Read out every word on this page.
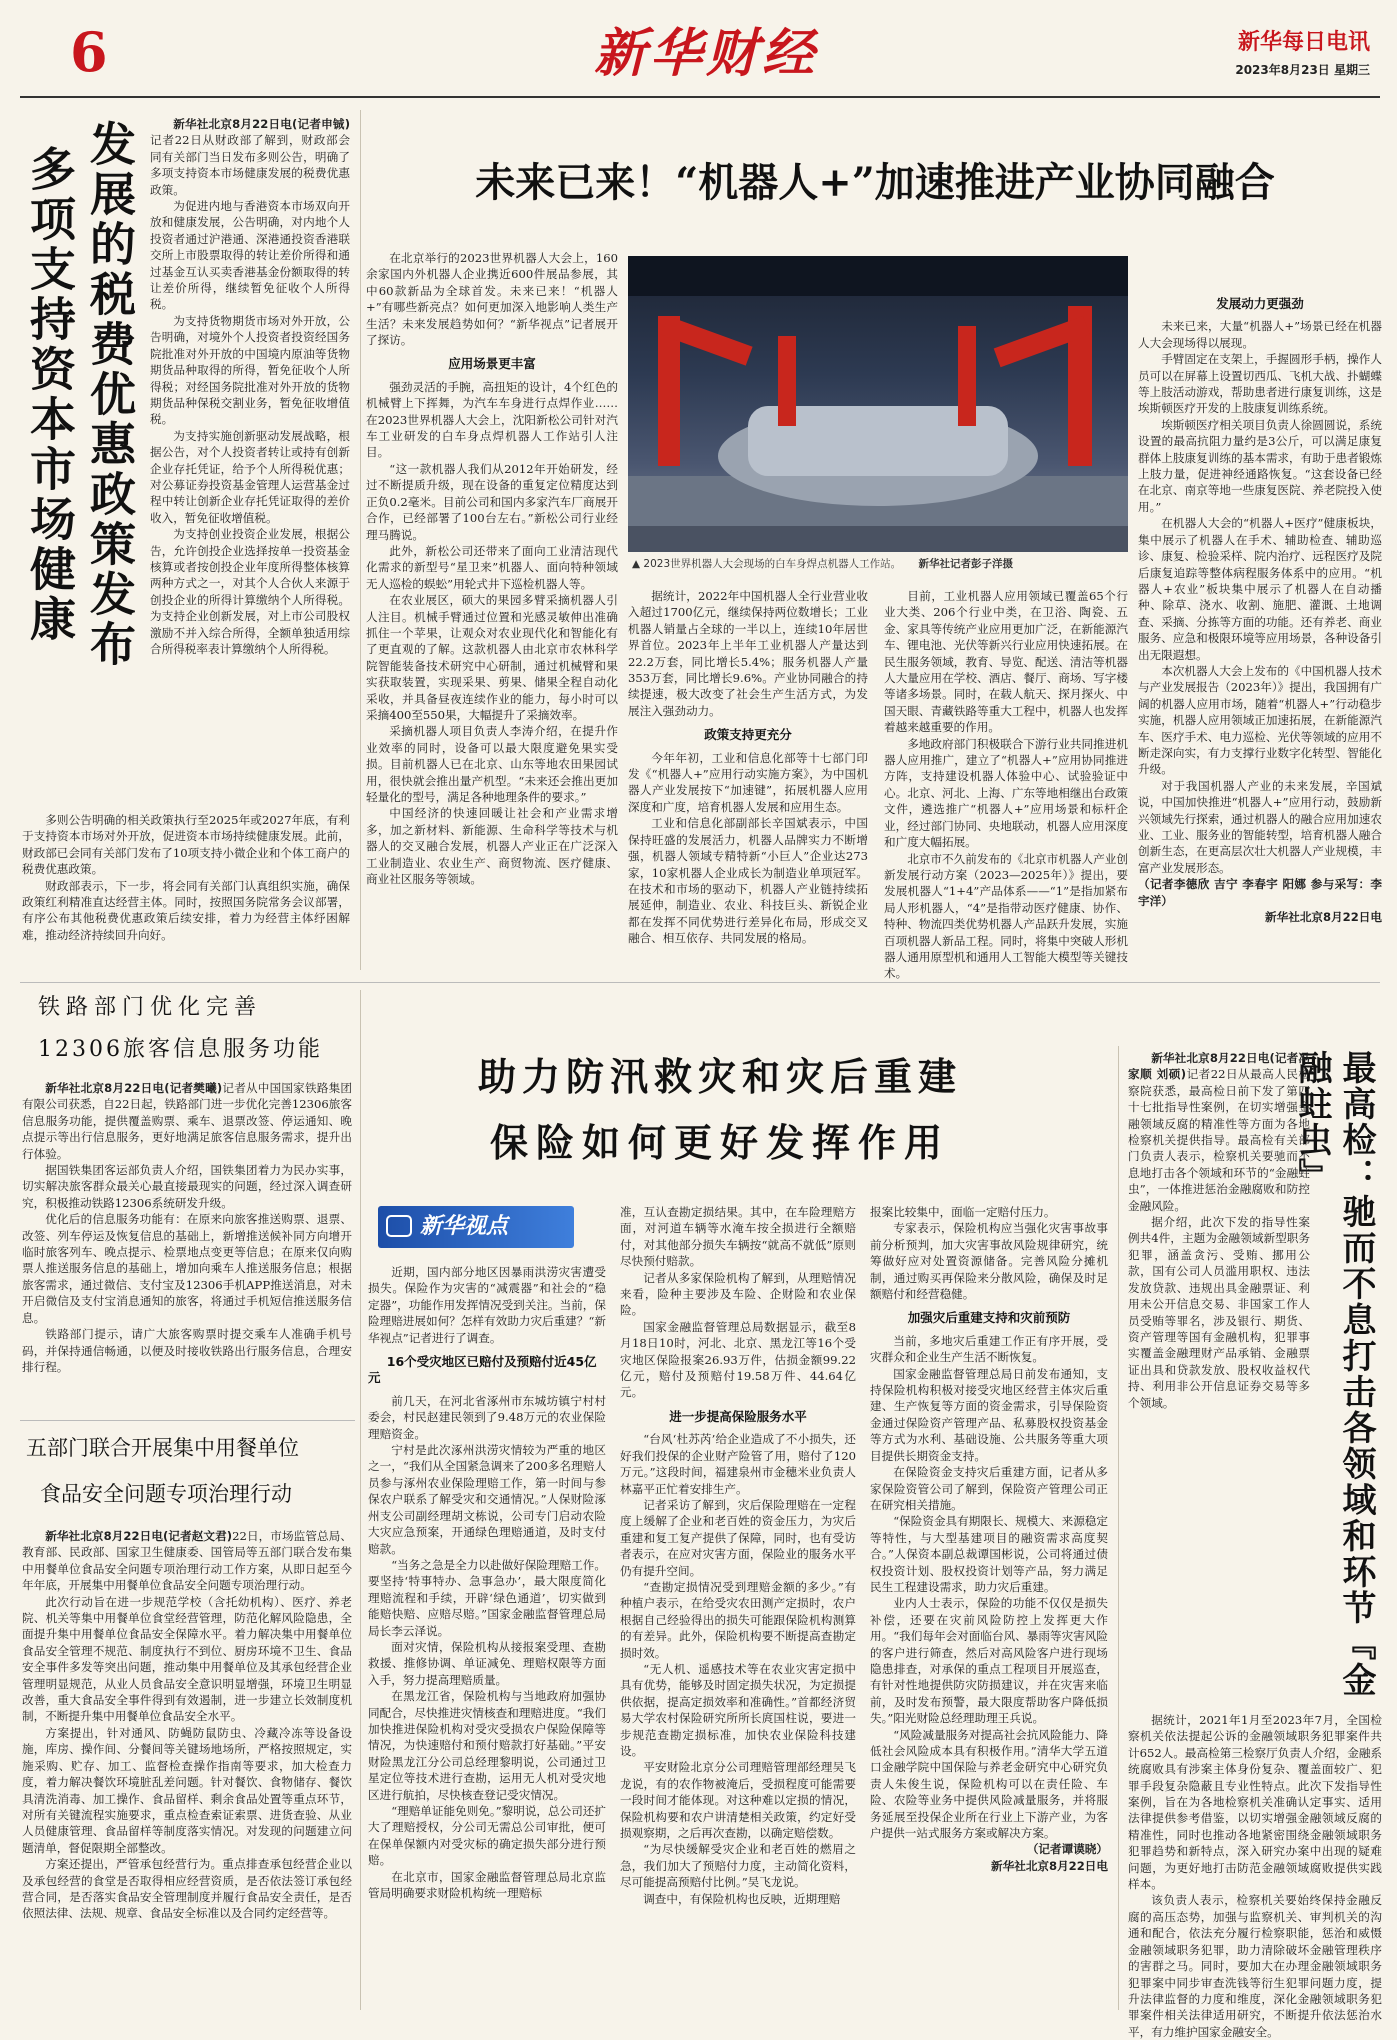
6	新华财经	新华每日电讯
2023年8月23日 星期三
多项支持资本市场健康 发展的税费优惠政策发布	新华社北京8月22日电(记者申铖)记者22日从财政部了解到，财政部会同有关部门当日发布多则公告，明确了多项支持资本市场健康发展的税费优惠政策。

为促进内地与香港资本市场双向开放和健康发展，公告明确，对内地个人投资者通过沪港通、深港通投资香港联交所上市股票取得的转让差价所得和通过基金互认买卖香港基金份额取得的转让差价所得，继续暂免征收个人所得税。

为支持货物期货市场对外开放，公告明确，对境外个人投资者投资经国务院批准对外开放的中国境内原油等货物期货品种取得的所得，暂免征收个人所得税；对经国务院批准对外开放的货物期货品种保税交割业务，暂免征收增值税。

为支持实施创新驱动发展战略，根据公告，对个人投资者转让或持有创新企业存托凭证，给予个人所得税优惠；对公募证券投资基金管理人运营基金过程中转让创新企业存托凭证取得的差价收入，暂免征收增值税。

为支持创业投资企业发展，根据公告，允许创投企业选择按单一投资基金核算或者按创投企业年度所得整体核算两种方式之一，对其个人合伙人来源于创投企业的所得计算缴纳个人所得税。为支持企业创新发展，对上市公司股权激励不并入综合所得，全额单独适用综合所得税率表计算缴纳个人所得税。

多则公告明确的相关政策执行至2025年或2027年底，有利于支持资本市场对外开放，促进资本市场持续健康发展。此前，财政部已会同有关部门发布了10项支持小微企业和个体工商户的税费优惠政策。

财政部表示，下一步，将会同有关部门认真组织实施，确保政策红利精准直达经营主体。同时，按照国务院常务会议部署，有序公布其他税费优惠政策后续安排，着力为经营主体纾困解难，推动经济持续回升向好。

未来已来！“机器人+”加速推进产业协同融合

在北京举行的2023世界机器人大会上，160余家国内外机器人企业携近600件展品参展，其中60款新品为全球首发。未来已来！“机器人+”有哪些新亮点？如何更加深入地影响人类生产生活？未来发展趋势如何？“新华视点”记者展开了探访。

应用场景更丰富

强劲灵活的手腕，高扭矩的设计，4个红色的机械臂上下挥舞，为汽车车身进行点焊作业……在2023世界机器人大会上，沈阳新松公司针对汽车工业研发的白车身点焊机器人工作站引人注目。

“这一款机器人我们从2012年开始研发，经过不断提质升级，现在设备的重复定位精度达到正负0.2毫米。目前公司和国内多家汽车厂商展开合作，已经部署了100台左右。”新松公司行业经理马腾说。

此外，新松公司还带来了面向工业清洁现代化需求的新型号“星卫来”机器人、面向特种领域无人巡检的蜈蚣”用轮式井下巡检机器人等。

在农业展区，硕大的果园多臂采摘机器人引人注目。机械手臂通过位置和光感灵敏伸出准确抓住一个苹果，让观众对农业现代化和智能化有了更直观的了解。这款机器人由北京市农林科学院智能装备技术研究中心研制，通过机械臂和果实获取装置，实现采果、剪果、储果全程自动化采收，并具备昼夜连续作业的能力，每小时可以采摘400至550果，大幅提升了采摘效率。

采摘机器人项目负责人李涛介绍，在提升作业效率的同时，设备可以最大限度避免果实受损。目前机器人已在北京、山东等地农田果园试用，很快就会推出量产机型。“未来还会推出更加轻量化的型号，满足各种地理条件的要求。”

中国经济的快速回暖让社会和产业需求增多，加之新材料、新能源、生命科学等技术与机器人的交叉融合发展，机器人产业正在广泛深入工业制造业、农业生产、商贸物流、医疗健康、商业社区服务等领域。

▲ 2023世界机器人大会现场的白车身焊点机器人工作站。 新华社记者彭子洋摄

据统计，2022年中国机器人全行业营业收入超过1700亿元，继续保持两位数增长；工业机器人销量占全球的一半以上，连续10年居世界首位。2023年上半年工业机器人产量达到22.2万套，同比增长5.4%；服务机器人产量353万套，同比增长9.6%。产业协同融合的持续提速，极大改变了社会生产生活方式，为发展注入强劲动力。

政策支持更充分

今年年初，工业和信息化部等十七部门印发《“机器人+”应用行动实施方案》，为中国机器人产业发展按下“加速键”，拓展机器人应用深度和广度，培育机器人发展和应用生态。

工业和信息化部副部长辛国斌表示，中国保持旺盛的发展活力，机器人品牌实力不断增强，机器人领域专精特新“小巨人”企业达273家，10家机器人企业成长为制造业单项冠军。在技术和市场的驱动下，机器人产业链持续拓展延伸，制造业、农业、科技巨头、新锐企业都在发挥不同优势进行差异化布局，形成交叉融合、相互依存、共同发展的格局。

目前，工业机器人应用领域已覆盖65个行业大类、206个行业中类，在卫浴、陶瓷、五金、家具等传统产业应用更加广泛，在新能源汽车、锂电池、光伏等新兴行业应用快速拓展。在民生服务领域，教育、导览、配送、清洁等机器人大量应用在学校、酒店、餐厅、商场、写字楼等诸多场景。同时，在载人航天、探月探火、中国天眼、青藏铁路等重大工程中，机器人也发挥着越来越重要的作用。

多地政府部门积极联合下游行业共同推进机器人应用推广，建立了“机器人+”应用协同推进方阵，支持建设机器人体验中心、试验验证中心。北京、河北、上海、广东等地相继出台政策文件，遴选推广“机器人+”应用场景和标杆企业，经过部门协同、央地联动，机器人应用深度和广度大幅拓展。

北京市不久前发布的《北京市机器人产业创新发展行动方案（2023—2025年）》提出，要发展机器人“1+4”产品体系——“1”是指加紧布局人形机器人，“4”是指带动医疗健康、协作、特种、物流四类优势机器人产品跃升发展，实施百项机器人新品工程。同时，将集中突破人形机器人通用原型机和通用人工智能大模型等关键技术。

发展动力更强劲

未来已来，大量“机器人+”场景已经在机器人大会现场得以展现。

手臂固定在支架上，手握圆形手柄，操作人员可以在屏幕上设置切西瓜、飞机大战、扑蝴蝶等上肢活动游戏，帮助患者进行康复训练，这是埃斯顿医疗开发的上肢康复训练系统。

埃斯顿医疗相关项目负责人徐圆圆说，系统设置的最高抗阻力量约是3公斤，可以满足康复群体上肢康复训练的基本需求，有助于患者锻炼上肢力量，促进神经通路恢复。“这套设备已经在北京、南京等地一些康复医院、养老院投入使用。”

在机器人大会的“机器人+医疗”健康板块，集中展示了机器人在手术、辅助检查、辅助巡诊、康复、检验采样、院内治疗、远程医疗及院后康复追踪等整体病程服务体系中的应用。“机器人+农业”板块集中展示了机器人在自动播种、除草、浇水、收割、施肥、灌溉、土地调查、采摘、分拣等方面的功能。还有养老、商业服务、应急和极限环境等应用场景，各种设备引出无限遐想。

本次机器人大会上发布的《中国机器人技术与产业发展报告（2023年）》提出，我国拥有广阔的机器人应用市场，随着“机器人+”行动稳步实施，机器人应用领域正加速拓展，在新能源汽车、医疗手术、电力巡检、光伏等领域的应用不断走深向实，有力支撑行业数字化转型、智能化升级。

对于我国机器人产业的未来发展，辛国斌说，中国加快推进“机器人+”应用行动，鼓励新兴领域先行探索，通过机器人的融合应用加速农业、工业、服务业的智能转型，培育机器人融合创新生态，在更高层次壮大机器人产业规模，丰富产业发展形态。

（记者李德欣 吉宁 李春宇 阳娜 参与采写：李宇洋）

新华社北京8月22日电

铁路部门优化完善
12306旅客信息服务功能

新华社北京8月22日电(记者樊曦)记者从中国国家铁路集团有限公司获悉，自22日起，铁路部门进一步优化完善12306旅客信息服务功能，提供覆盖购票、乘车、退票改签、停运通知、晚点提示等出行信息服务，更好地满足旅客信息服务需求，提升出行体验。

据国铁集团客运部负责人介绍，国铁集团着力为民办实事，切实解决旅客群众最关心最直接最现实的问题，经过深入调查研究，积极推动铁路12306系统研发升级。

优化后的信息服务功能有：在原来向旅客推送购票、退票、改签、列车停运及恢复信息的基础上，新增推送候补同方向增开临时旅客列车、晚点提示、检票地点变更等信息；在原来仅向购票人推送服务信息的基础上，增加向乘车人推送服务信息；根据旅客需求，通过微信、支付宝及12306手机APP推送消息，对未开启微信及支付宝消息通知的旅客，将通过手机短信推送服务信息。

铁路部门提示，请广大旅客购票时提交乘车人准确手机号码，并保持通信畅通，以便及时接收铁路出行服务信息，合理安排行程。

五部门联合开展集中用餐单位
食品安全问题专项治理行动

新华社北京8月22日电(记者赵文君)22日，市场监管总局、教育部、民政部、国家卫生健康委、国管局等五部门联合发布集中用餐单位食品安全问题专项治理行动工作方案，从即日起至今年年底，开展集中用餐单位食品安全问题专项治理行动。

此次行动旨在进一步规范学校（含托幼机构）、医疗、养老院、机关等集中用餐单位食堂经营管理，防范化解风险隐患，全面提升集中用餐单位食品安全保障水平。着力解决集中用餐单位食品安全管理不规范、制度执行不到位、厨房环境不卫生、食品安全事件多发等突出问题，推动集中用餐单位及其承包经营企业管理明显规范，从业人员食品安全意识明显增强，环境卫生明显改善，重大食品安全事件得到有效遏制，进一步建立长效制度机制，不断提升集中用餐单位食品安全水平。

方案提出，针对通风、防蝇防鼠防虫、冷藏冷冻等设备设施，库房、操作间、分餐间等关键场地场所，严格按照规定，实施采购、贮存、加工、监督检查操作指南等要求，加大检查力度，着力解决餐饮环境脏乱差问题。针对餐饮、食物储存、餐饮具清洗消毒、加工操作、食品留样、剩余食品处置等重点环节，对所有关键流程实施要求，重点检查索证索票、进货查验、从业人员健康管理、食品留样等制度落实情况。对发现的问题建立问题清单，督促限期全部整改。

方案还提出，严管承包经营行为。重点排查承包经营企业以及承包经营的食堂是否取得相应经营资质，是否依法签订承包经营合同，是否落实食品安全管理制度并履行食品安全责任，是否依照法律、法规、规章、食品安全标准以及合同约定经营等。

助力防汛救灾和灾后重建
保险如何更好发挥作用
新华视点

近期，国内部分地区因暴雨洪涝灾害遭受损失。保险作为灾害的“减震器”和社会的“稳定器”，功能作用发挥情况受到关注。当前，保险理赔进展如何？怎样有效助力灾后重建？“新华视点”记者进行了调查。

16个受灾地区已赔付及预赔付近45亿元

前几天，在河北省涿州市东城坊镇宁村村委会，村民赵建民领到了9.48万元的农业保险理赔资金。

宁村是此次涿州洪涝灾情较为严重的地区之一，“我们从全国紧急调来了200多名理赔人员参与涿州农业保险理赔工作，第一时间与参保农户联系了解受灾和交通情况。”人保财险涿州支公司副经理胡文栋说，公司专门启动农险大灾应急预案，开通绿色理赔通道，及时支付赔款。

“当务之急是全力以赴做好保险理赔工作。要坚持‘特事特办、急事急办’，最大限度简化理赔流程和手续，开辟‘绿色通道’，切实做到能赔快赔、应赔尽赔。”国家金融监督管理总局局长李云泽说。

面对灾情，保险机构从接报案受理、查勘救援、推修协调、单证减免、理赔权限等方面入手，努力提高理赔质量。

在黑龙江省，保险机构与当地政府加强协同配合，尽快推进灾情核查和理赔进度。“我们加快推进保险机构对受灾受损农户保险保障等情况，为快速赔付和预付赔款打好基础。”平安财险黑龙江分公司总经理黎明说，公司通过卫星定位等技术进行查勘，运用无人机对受灾地区进行航拍，尽快核查登记受灾情况。

“理赔单证能免则免。”黎明说，总公司还扩大了理赔授权，分公司无需总公司审批，便可在保单保额内对受灾标的确定损失部分进行预赔。

在北京市，国家金融监督管理总局北京监管局明确要求财险机构统一理赔标

准，互认查勘定损结果。其中，在车险理赔方面，对河道车辆等水淹车按全损进行全额赔付，对其他部分损失车辆按“就高不就低”原则尽快预付赔款。

记者从多家保险机构了解到，从理赔情况来看，险种主要涉及车险、企财险和农业保险。

国家金融监督管理总局数据显示，截至8月18日10时，河北、北京、黑龙江等16个受灾地区保险报案26.93万件，估损金额99.22亿元，赔付及预赔付19.58万件、44.64亿元。

进一步提高保险服务水平

“台风‘杜苏芮’给企业造成了不小损失，还好我们投保的企业财产险管了用，赔付了120万元。”这段时间，福建泉州市金穗米业负责人林嘉平正忙着安排生产。

记者采访了解到，灾后保险理赔在一定程度上缓解了企业和老百姓的资金压力，为灾后重建和复工复产提供了保障，同时，也有受访者表示，在应对灾害方面，保险业的服务水平仍有提升空间。

“查勘定损情况受到理赔金额的多少。”有种植户表示，在给受灾农田测产定损时，农户根据自己经验得出的损失可能跟保险机构测算的有差异。此外，保险机构要不断提高查勘定损时效。

“无人机、遥感技术等在农业灾害定损中具有优势，能够及时固定损失状况，为定损提供依据，提高定损效率和准确性。”首都经济贸易大学农村保险研究所所长庹国柱说，要进一步规范查勘定损标准，加快农业保险科技建设。

平安财险北京分公司理赔管理部经理吴飞龙说，有的农作物被淹后，受损程度可能需要一段时间才能体现。对这种难以定损的情况，保险机构要和农户讲清楚相关政策，约定好受损观察期，之后再次查勘，以确定赔偿数。

“为尽快缓解受灾企业和老百姓的燃眉之急，我们加大了预赔付力度，主动简化资料，尽可能提高预赔付比例。”吴飞龙说。

调查中，有保险机构也反映，近期理赔

报案比较集中，面临一定赔付压力。

专家表示，保险机构应当强化灾害事故事前分析预判，加大灾害事故风险规律研究，统筹做好应对处置资源储备。完善风险分摊机制，通过购买再保险来分散风险，确保及时足额赔付和经营稳健。

加强灾后重建支持和灾前预防

当前，多地灾后重建工作正有序开展，受灾群众和企业生产生活不断恢复。

国家金融监督管理总局日前发布通知，支持保险机构积极对接受灾地区经营主体灾后重建、生产恢复等方面的资金需求，引导保险资金通过保险资产管理产品、私募股权投资基金等方式为水利、基础设施、公共服务等重大项目提供长期资金支持。

在保险资金支持灾后重建方面，记者从多家保险资管公司了解到，保险资产管理公司正在研究相关措施。

“保险资金具有期限长、规模大、来源稳定等特性，与大型基建项目的融资需求高度契合。”人保资本副总裁谭国彬说，公司将通过债权投资计划、股权投资计划等产品，努力满足民生工程建设需求，助力灾后重建。

业内人士表示，保险的功能不仅仅是损失补偿，还要在灾前风险防控上发挥更大作用。“我们每年会对面临台风、暴雨等灾害风险的客户进行筛查，然后对高风险客户进行现场隐患排查，对承保的重点工程项目开展巡查，有针对性地提供防灾防损建议，并在灾害来临前，及时发布预警，最大限度帮助客户降低损失。”阳光财险总经理助理王兵说。

“风险减量服务对提高社会抗风险能力、降低社会风险成本具有积极作用。”清华大学五道口金融学院中国保险与养老金研究中心研究负责人朱俊生说，保险机构可以在责任险、车险、农险等业务中提供风险减量服务，并将服务延展至投保企业所在行业上下游产业，为客户提供一站式服务方案或解决方案。

（记者谭谟晓）

新华社北京8月22日电

最高检：驰而不息打击各领域和环节『金融蛀虫』

新华社北京8月22日电(记者冯家顺 刘硕)记者22日从最高人民检察院获悉，最高检日前下发了第四十七批指导性案例，在切实增强金融领域反腐的精准性等方面为各地检察机关提供指导。最高检有关部门负责人表示，检察机关要驰而不息地打击各个领域和环节的“金融蛀虫”，一体推进惩治金融腐败和防控金融风险。

据介绍，此次下发的指导性案例共4件，主题为金融领域新型职务犯罪，涵盖贪污、受贿、挪用公款，国有公司人员滥用职权、违法发放贷款、违规出具金融票证、利用未公开信息交易、非国家工作人员受贿等罪名，涉及银行、期货、资产管理等国有金融机构，犯罪事实覆盖金融理财产品承销、金融票证出具和贷款发放、股权收益权代持、利用非公开信息证券交易等多个领域。

据统计，2021年1月至2023年7月，全国检察机关依法提起公诉的金融领域职务犯罪案件共计652人。最高检第三检察厅负责人介绍，金融系统腐败具有涉案主体身份复杂、覆盖面较广、犯罪手段复杂隐蔽且专业性特点。此次下发指导性案例，旨在为各地检察机关准确认定事实、适用法律提供参考借鉴，以切实增强金融领域反腐的精准性，同时也推动各地紧密围绕金融领域职务犯罪趋势和新特点，深入研究办案中出现的疑难问题，为更好地打击防范金融领域腐败提供实践样本。

该负责人表示，检察机关要始终保持金融反腐的高压态势，加强与监察机关、审判机关的沟通和配合，依法充分履行检察职能，惩治和威慑金融领域职务犯罪，助力清除破坏金融管理秩序的害群之马。同时，要加大在办理金融领域职务犯罪案中同步审查洗钱等衍生犯罪问题力度，提升法律监督的力度和维度，深化金融领域职务犯罪案件相关法律适用研究，不断提升依法惩治水平，有力维护国家金融安全。
